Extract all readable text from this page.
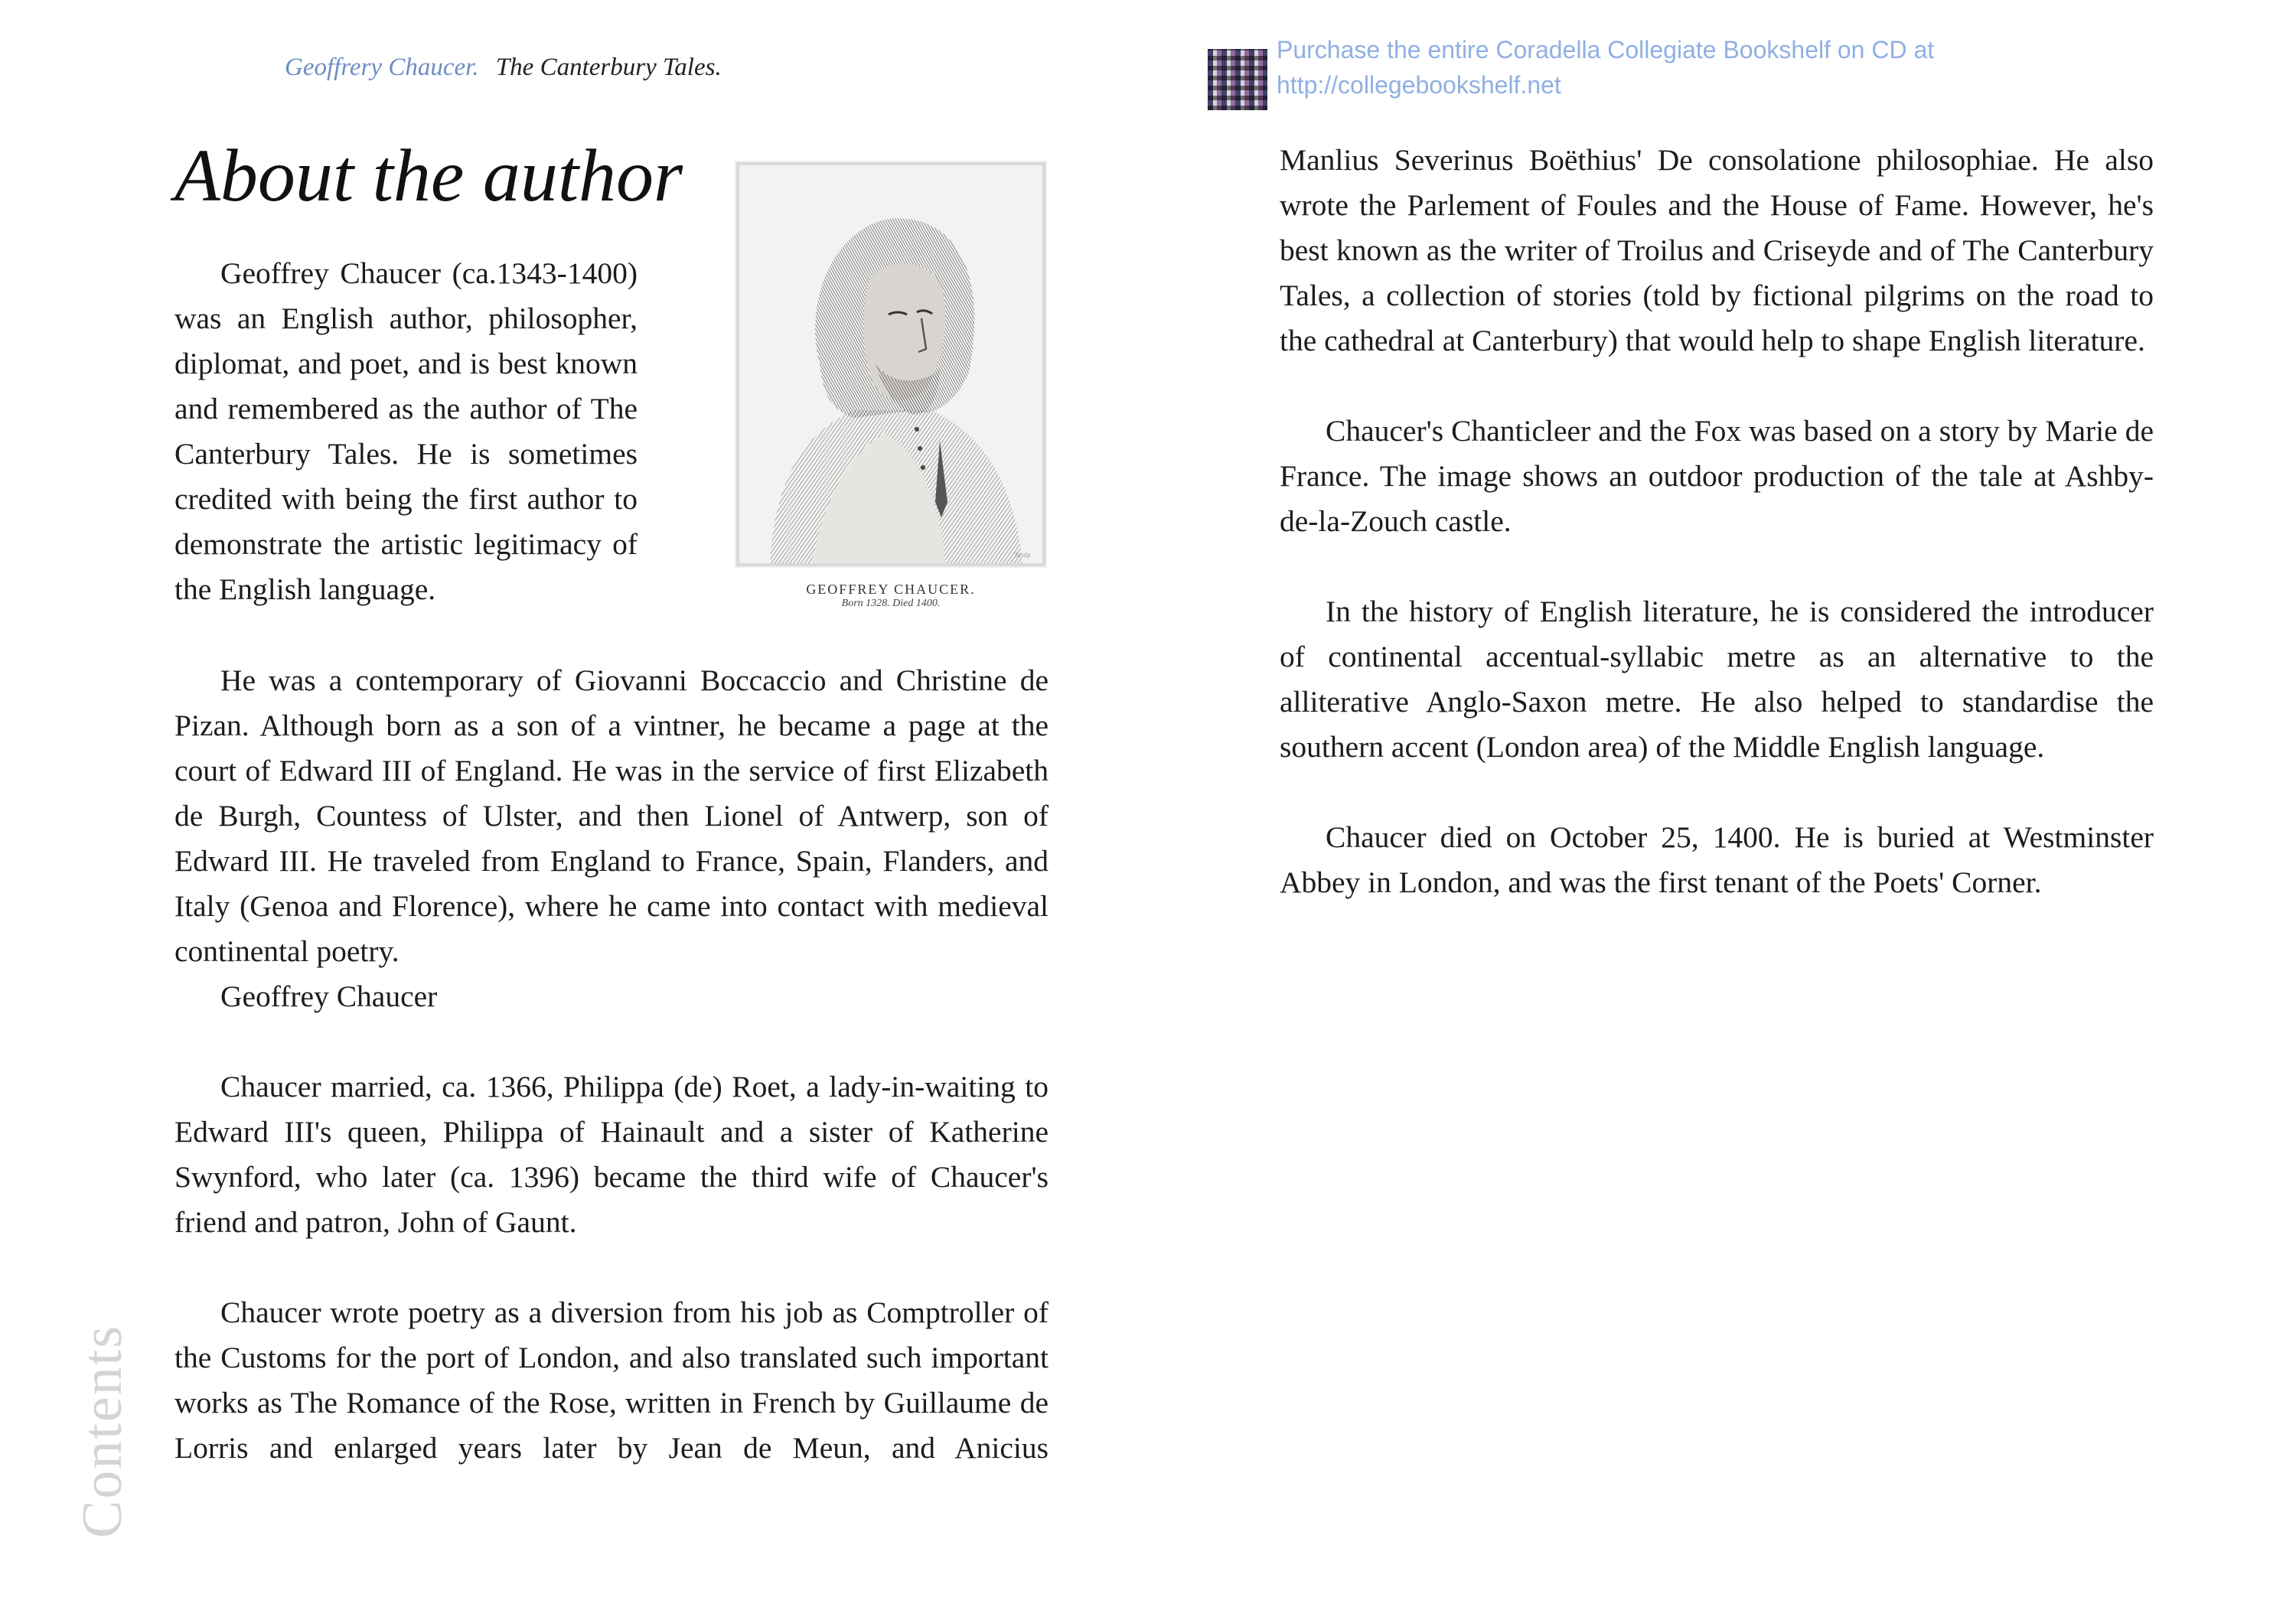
Geoffrery Chaucer. The Canterbury Tales.
Purchase the entire Coradella Collegiate Bookshelf on CD at
http://collegebookshelf.net
About the author

Geoffrey Chaucer (ca.1343-1400) was an English author, philosopher, diplomat, and poet, and is best known and remembered as the author of The Canterbury Tales. He is sometimes credited with being the first author to demonstrate the artistic legitimacy of the English language.

Sculp
GEOFFREY CHAUCER.
Born 1328. Died 1400.

He was a contemporary of Giovanni Boccaccio and Christine de Pizan. Although born as a son of a vintner, he became a page at the court of Edward III of England. He was in the service of first Elizabeth de Burgh, Countess of Ulster, and then Lionel of Antwerp, son of Edward III. He traveled from England to France, Spain, Flanders, and Italy (Genoa and Florence), where he came into contact with medieval continental poetry.

Geoffrey Chaucer

Chaucer married, ca. 1366, Philippa (de) Roet, a lady-in-waiting to Edward III's queen, Philippa of Hainault and a sister of Katherine Swynford, who later (ca. 1396) became the third wife of Chaucer's friend and patron, John of Gaunt.

Chaucer wrote poetry as a diversion from his job as Comptroller of the Customs for the port of London, and also translated such important works as The Romance of the Rose, written in French by Guillaume de Lorris and enlarged years later by Jean de Meun, and Anicius

Manlius Severinus Boëthius' De consolatione philosophiae. He also wrote the Parlement of Foules and the House of Fame. However, he's best known as the writer of Troilus and Criseyde and of The Canterbury Tales, a collection of stories (told by fictional pilgrims on the road to the cathedral at Canterbury) that would help to shape English literature.

Chaucer's Chanticleer and the Fox was based on a story by Marie de France. The image shows an outdoor production of the tale at Ashby-de-la-Zouch castle.

In the history of English literature, he is considered the introducer of continental accentual-syllabic metre as an alternative to the alliterative Anglo-Saxon metre. He also helped to standardise the southern accent (London area) of the Middle English language.

Chaucer died on October 25, 1400. He is buried at Westminster Abbey in London, and was the first tenant of the Poets' Corner.

Contents
